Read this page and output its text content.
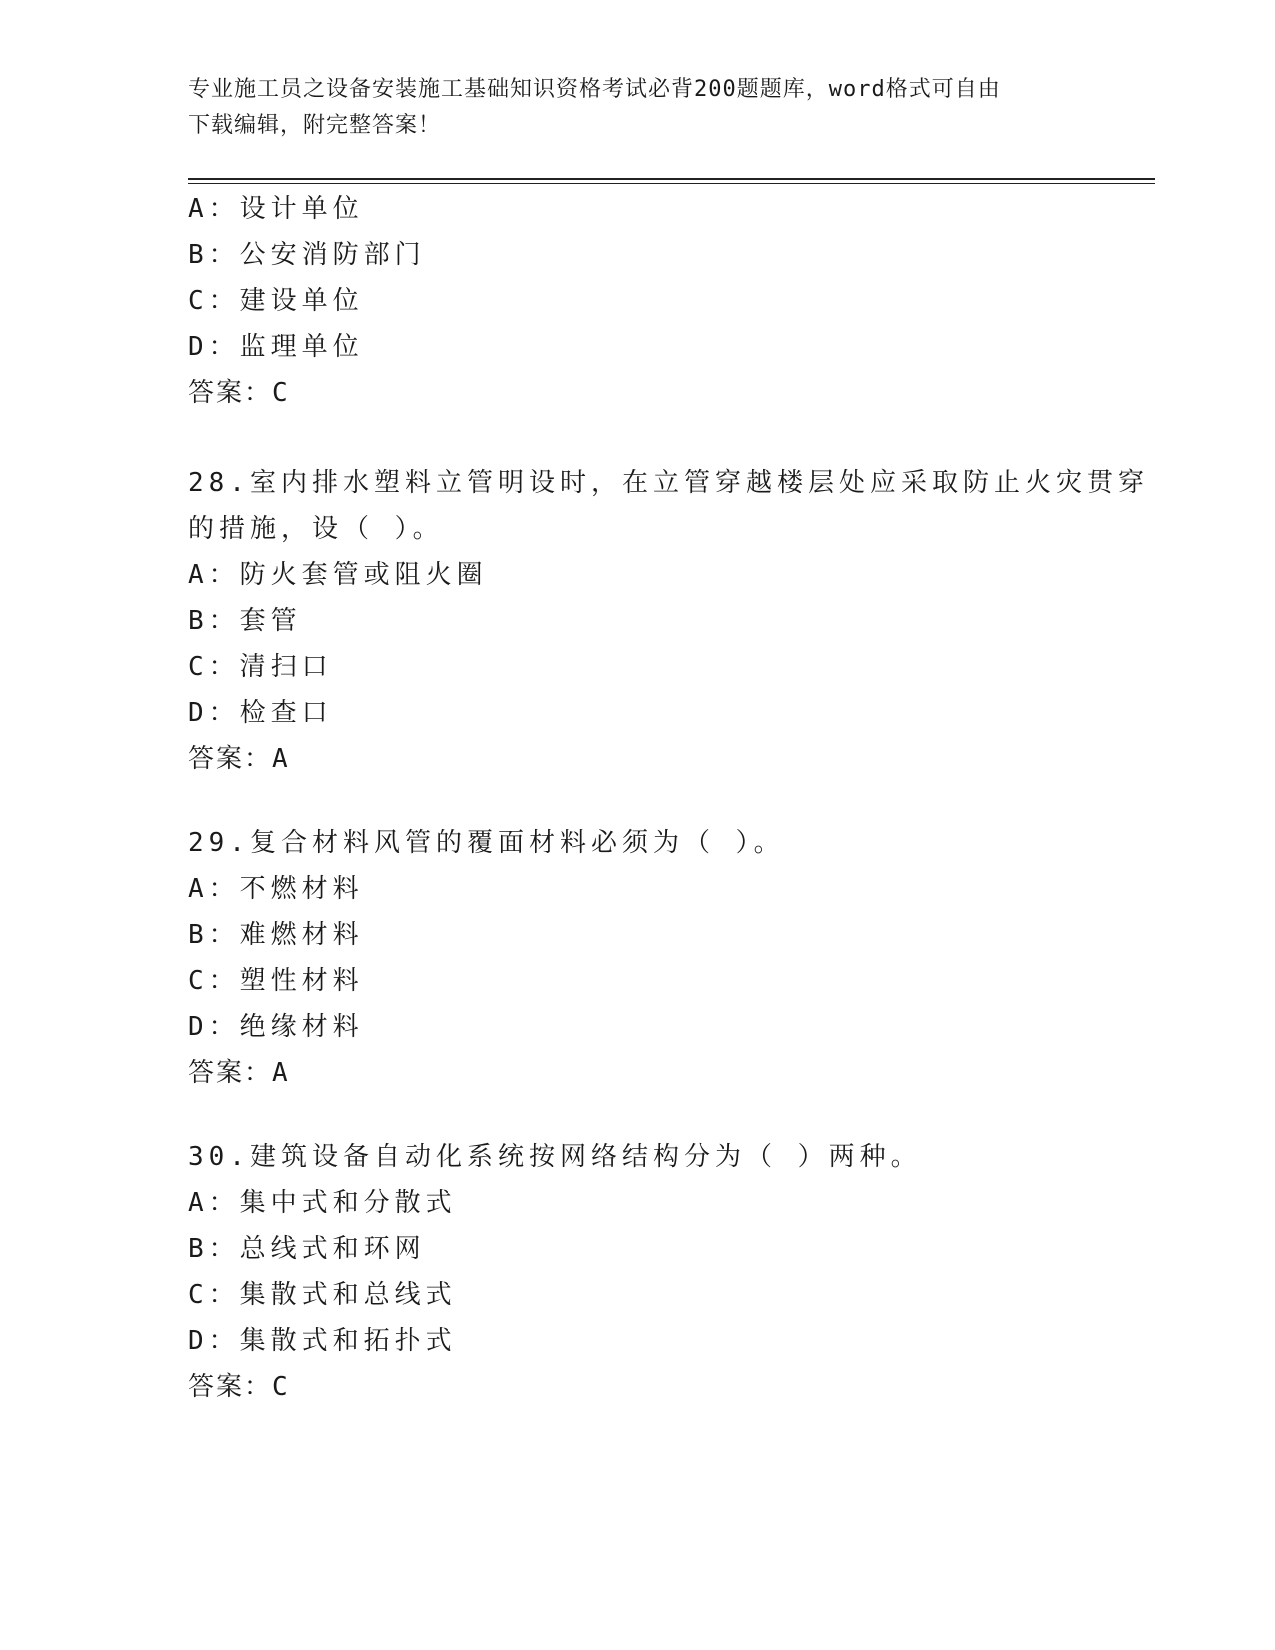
专业施工员之设备安装施工基础知识资格考试必背200题题库，word格式可自由
下载编辑，附完整答案！
A：设计单位
B：公安消防部门
C：建设单位
D：监理单位
答案：C
28.室内排水塑料立管明设时，在立管穿越楼层处应采取防止火灾贯穿
的措施，设（ ）。
A：防火套管或阻火圈
B：套管
C：清扫口
D：检查口
答案：A
29.复合材料风管的覆面材料必须为（ ）。
A：不燃材料
B：难燃材料
C：塑性材料
D：绝缘材料
答案：A
30.建筑设备自动化系统按网络结构分为（ ）两种。
A：集中式和分散式
B：总线式和环网
C：集散式和总线式
D：集散式和拓扑式
答案：C
